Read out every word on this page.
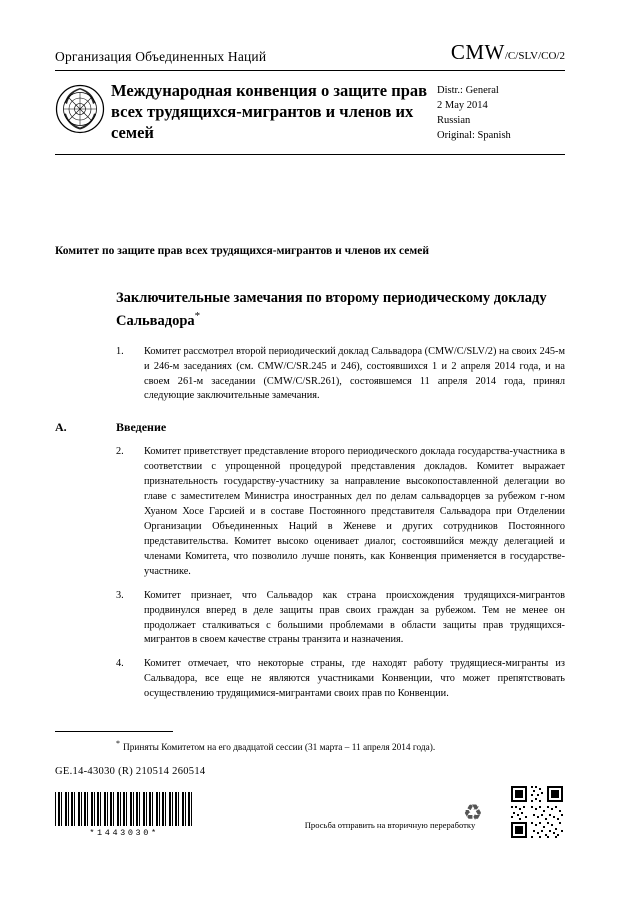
Организация Объединенных Наций	CMW/C/SLV/CO/2
Международная конвенция о защите прав всех трудящихся-мигрантов и членов их семей
Distr.: General
2 May 2014
Russian
Original: Spanish
Комитет по защите прав всех трудящихся-мигрантов и членов их семей
Заключительные замечания по второму периодическому докладу Сальвадора*

1. Комитет рассмотрел второй периодический доклад Сальвадора (CMW/C/SLV/2) на своих 245-м и 246-м заседаниях (см. CMW/C/SR.245 и 246), состоявшихся 1 и 2 апреля 2014 года, и на своем 261-м заседании (CMW/C/SR.261), состоявшемся 11 апреля 2014 года, принял следующие заключительные замечания.

A.	Введение

2. Комитет приветствует представление второго периодического доклада государства-участника в соответствии с упрощенной процедурой представления докладов. Комитет выражает признательность государству-участнику за направление высокопоставленной делегации во главе с заместителем Министра иностранных дел по делам сальвадорцев за рубежом г-ном Хуаном Хосе Гарсией и в составе Постоянного представителя Сальвадора при Отделении Организации Объединенных Наций в Женеве и других сотрудников Постоянного представительства. Комитет высоко оценивает диалог, состоявшийся между делегацией и членами Комитета, что позволило лучше понять, как Конвенция применяется в государстве-участнике.

3. Комитет признает, что Сальвадор как страна происхождения трудящихся-мигрантов продвинулся вперед в деле защиты прав своих граждан за рубежом. Тем не менее он продолжает сталкиваться с большими проблемами в области защиты прав трудящихся-мигрантов в своем качестве страны транзита и назначения.

4. Комитет отмечает, что некоторые страны, где находят работу трудящиеся-мигранты из Сальвадора, все еще не являются участниками Конвенции, что может препятствовать осуществлению трудящимися-мигрантами своих прав по Конвенции.

* Приняты Комитетом на его двадцатой сессии (31 марта – 11 апреля 2014 года).
GE.14-43030 (R) 210514 260514
*1443030*
Просьба отправить на вторичную переработку
♻
